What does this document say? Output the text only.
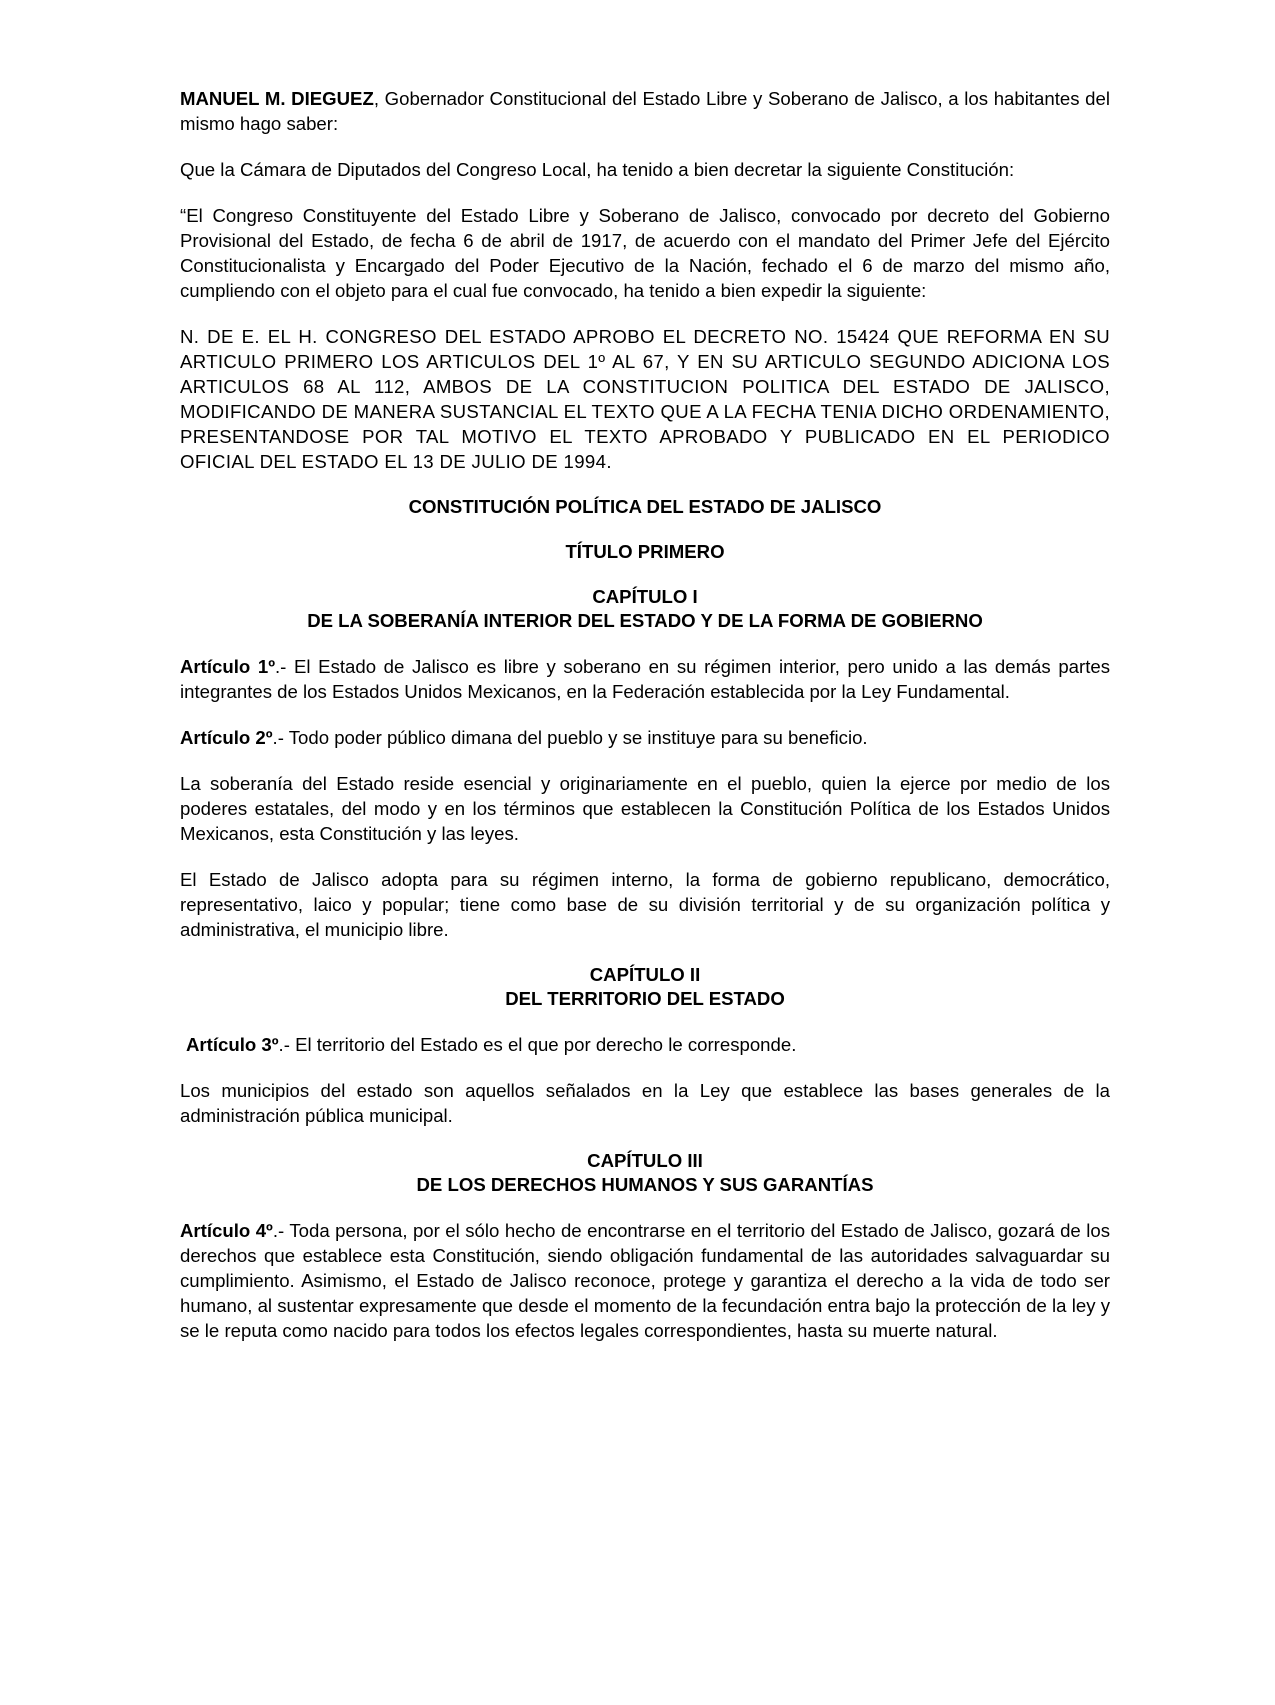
MANUEL M. DIEGUEZ, Gobernador Constitucional del Estado Libre y Soberano de Jalisco, a los habitantes del mismo hago saber:

Que la Cámara de Diputados del Congreso Local, ha tenido a bien decretar la siguiente Constitución:

“El Congreso Constituyente del Estado Libre y Soberano de Jalisco, convocado por decreto del Gobierno Provisional del Estado, de fecha 6 de abril de 1917, de acuerdo con el mandato del Primer Jefe del Ejército Constitucionalista y Encargado del Poder Ejecutivo de la Nación, fechado el 6 de marzo del mismo año, cumpliendo con el objeto para el cual fue convocado, ha tenido a bien expedir la siguiente:

N. DE E. EL H. CONGRESO DEL ESTADO APROBO EL DECRETO NO. 15424 QUE REFORMA EN SU ARTICULO PRIMERO LOS ARTICULOS DEL 1º AL 67, Y EN SU ARTICULO SEGUNDO ADICIONA LOS ARTICULOS 68 AL 112, AMBOS DE LA CONSTITUCION POLITICA DEL ESTADO DE JALISCO, MODIFICANDO DE MANERA SUSTANCIAL EL TEXTO QUE A LA FECHA TENIA DICHO ORDENAMIENTO, PRESENTANDOSE POR TAL MOTIVO EL TEXTO APROBADO Y PUBLICADO EN EL PERIODICO OFICIAL DEL ESTADO EL 13 DE JULIO DE 1994.

CONSTITUCIÓN POLÍTICA DEL ESTADO DE JALISCO
TÍTULO PRIMERO
CAPÍTULO I
DE LA SOBERANÍA INTERIOR DEL ESTADO Y DE LA FORMA DE GOBIERNO

Artículo 1º.- El Estado de Jalisco es libre y soberano en su régimen interior, pero unido a las demás partes integrantes de los Estados Unidos Mexicanos, en la Federación establecida por la Ley Fundamental.

Artículo 2º.- Todo poder público dimana del pueblo y se instituye para su beneficio.

La soberanía del Estado reside esencial y originariamente en el pueblo, quien la ejerce por medio de los poderes estatales, del modo y en los términos que establecen la Constitución Política de los Estados Unidos Mexicanos, esta Constitución y las leyes.

El Estado de Jalisco adopta para su régimen interno, la forma de gobierno republicano, democrático, representativo, laico y popular; tiene como base de su división territorial y de su organización política y administrativa, el municipio libre.

CAPÍTULO II
DEL TERRITORIO DEL ESTADO

Artículo 3º.- El territorio del Estado es el que por derecho le corresponde.

Los municipios del estado son aquellos señalados en la Ley que establece las bases generales de la administración pública municipal.

CAPÍTULO III
DE LOS DERECHOS HUMANOS Y SUS GARANTÍAS

Artículo 4º.- Toda persona, por el sólo hecho de encontrarse en el territorio del Estado de Jalisco, gozará de los derechos que establece esta Constitución, siendo obligación fundamental de las autoridades salvaguardar su cumplimiento. Asimismo, el Estado de Jalisco reconoce, protege y garantiza el derecho a la vida de todo ser humano, al sustentar expresamente que desde el momento de la fecundación entra bajo la protección de la ley y se le reputa como nacido para todos los efectos legales correspondientes, hasta su muerte natural.
